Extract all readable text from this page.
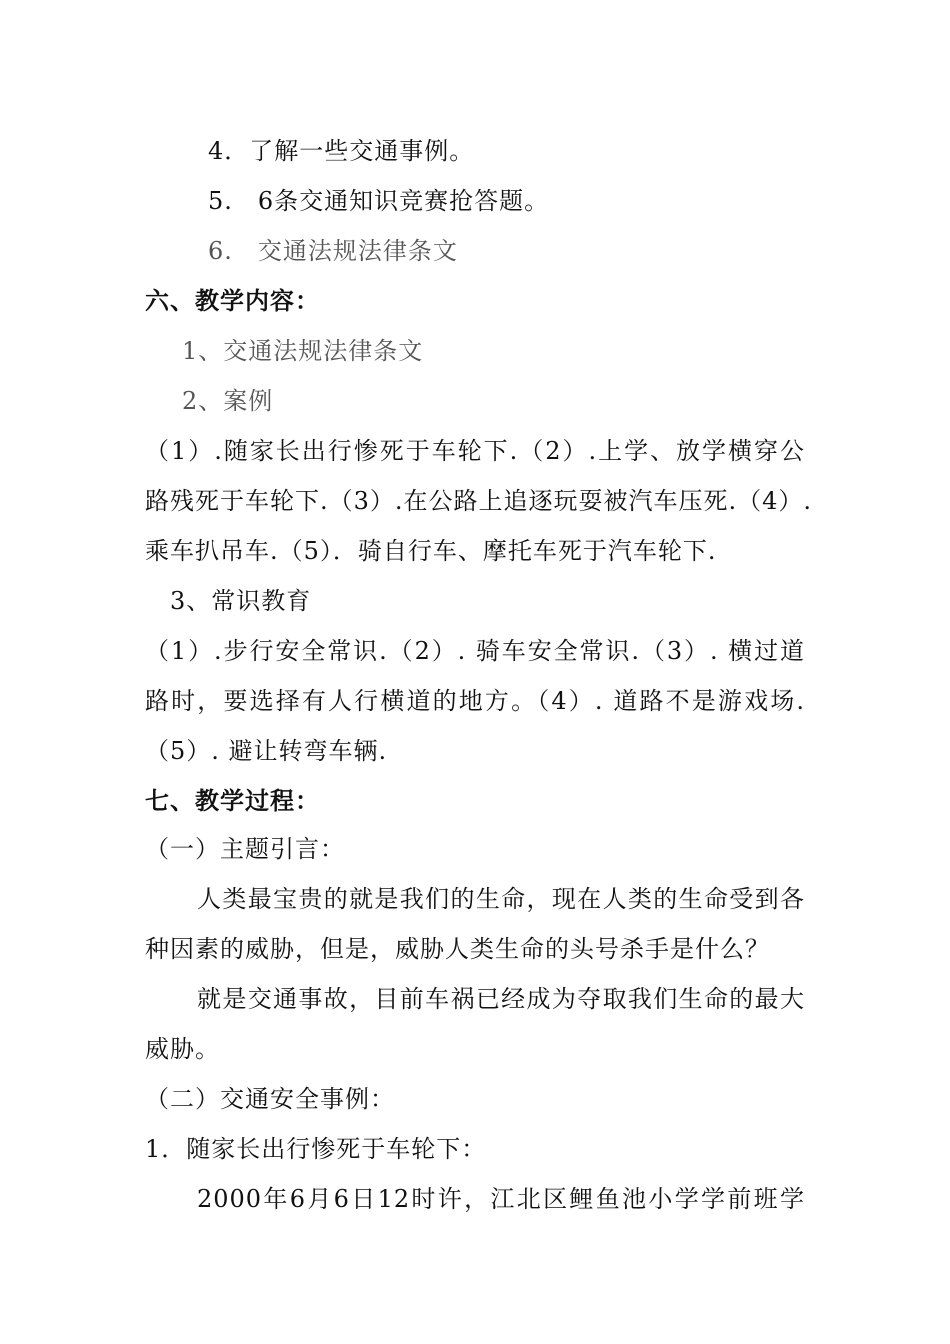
4．了解一些交通事例。
5.　6条交通知识竞赛抢答题。
6.　交通法规法律条文
六、教学内容：
1、交通法规法律条文
2、案例
（1）.随家长出行惨死于车轮下.（2）.上学、放学横穿公
路残死于车轮下.（3）.在公路上追逐玩耍被汽车压死.（4）.
乘车扒吊车.（5）．骑自行车、摩托车死于汽车轮下.
3、常识教育
（1）.步行安全常识.（2）. 骑车安全常识.（3）. 横过道
路时，要选择有人行横道的地方。（4）. 道路不是游戏场.
（5）. 避让转弯车辆.
七、教学过程：
（一）主题引言：
人类最宝贵的就是我们的生命，现在人类的生命受到各
种因素的威胁，但是，威胁人类生命的头号杀手是什么？
就是交通事故，目前车祸已经成为夺取我们生命的最大
威胁。
（二）交通安全事例：
1．随家长出行惨死于车轮下：
2000年6月6日12时许，江北区鲤鱼池小学学前班学
